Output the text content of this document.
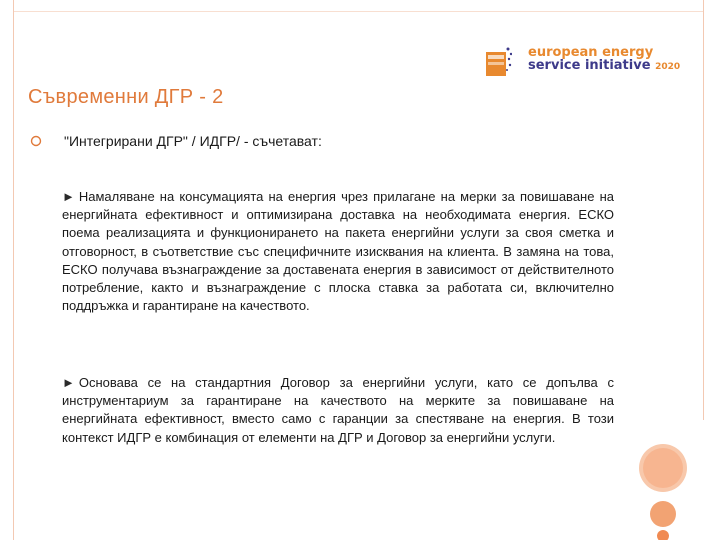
european energy
service initiative 2020
Съвременни ДГР - 2
"Интегрирани ДГР" / ИДГР/ - съчетават:
► Намаляване на консумацията на енергия чрез прилагане на мерки за повишаване на енергийната ефективност и оптимизирана доставка на необходимата енергия. ЕСКО поема реализацията и функционирането на пакета енергийни услуги за своя сметка и отговорност, в съответствие със специфичните изисквания на клиента. В замяна на това, ЕСКО получава възнаграждение за доставената енергия в зависимост от действителното потребление, както и възнаграждение с плоска ставка за работата си, включително поддръжка и гарантиране на качеството.
► Основава се на стандартния Договор за енергийни услуги, като се допълва с инструментариум за гарантиране на качеството на мерките за повишаване на енергийната ефективност, вместо само с гаранции за спестяване на енергия. В този контекст ИДГР е комбинация от елементи на ДГР и Договор за енергийни услуги.
